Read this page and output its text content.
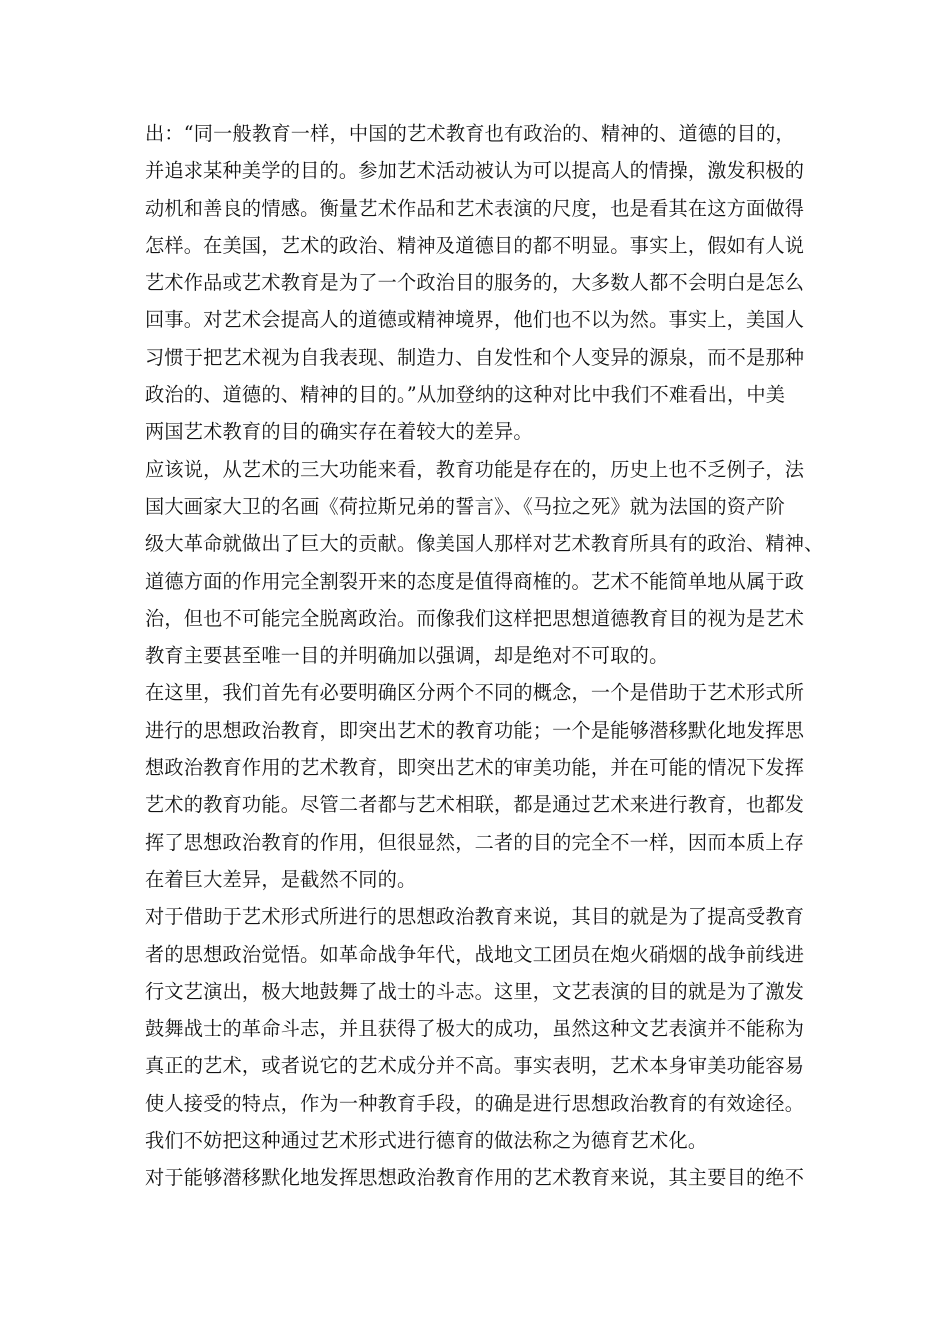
出：“同一般教育一样，中国的艺术教育也有政治的、精神的、道德的目的，
并追求某种美学的目的。参加艺术活动被认为可以提高人的情操，激发积极的
动机和善良的情感。衡量艺术作品和艺术表演的尺度，也是看其在这方面做得
怎样。在美国，艺术的政治、精神及道德目的都不明显。事实上，假如有人说
艺术作品或艺术教育是为了一个政治目的服务的，大多数人都不会明白是怎么
回事。对艺术会提高人的道德或精神境界，他们也不以为然。事实上，美国人
习惯于把艺术视为自我表现、制造力、自发性和个人变异的源泉，而不是那种
政治的、道德的、精神的目的。”从加登纳的这种对比中我们不难看出，中美
两国艺术教育的目的确实存在着较大的差异。
应该说，从艺术的三大功能来看，教育功能是存在的，历史上也不乏例子，法
国大画家大卫的名画《荷拉斯兄弟的誓言》、《马拉之死》就为法国的资产阶
级大革命就做出了巨大的贡献。像美国人那样对艺术教育所具有的政治、精神、
道德方面的作用完全割裂开来的态度是值得商榷的。艺术不能简单地从属于政
治，但也不可能完全脱离政治。而像我们这样把思想道德教育目的视为是艺术
教育主要甚至唯一目的并明确加以强调，却是绝对不可取的。
在这里，我们首先有必要明确区分两个不同的概念，一个是借助于艺术形式所
进行的思想政治教育，即突出艺术的教育功能；一个是能够潜移默化地发挥思
想政治教育作用的艺术教育，即突出艺术的审美功能，并在可能的情况下发挥
艺术的教育功能。尽管二者都与艺术相联，都是通过艺术来进行教育，也都发
挥了思想政治教育的作用，但很显然，二者的目的完全不一样，因而本质上存
在着巨大差异，是截然不同的。
对于借助于艺术形式所进行的思想政治教育来说，其目的就是为了提高受教育
者的思想政治觉悟。如革命战争年代，战地文工团员在炮火硝烟的战争前线进
行文艺演出，极大地鼓舞了战士的斗志。这里，文艺表演的目的就是为了激发
鼓舞战士的革命斗志，并且获得了极大的成功，虽然这种文艺表演并不能称为
真正的艺术，或者说它的艺术成分并不高。事实表明，艺术本身审美功能容易
使人接受的特点，作为一种教育手段，的确是进行思想政治教育的有效途径。
我们不妨把这种通过艺术形式进行德育的做法称之为德育艺术化。
对于能够潜移默化地发挥思想政治教育作用的艺术教育来说，其主要目的绝不
